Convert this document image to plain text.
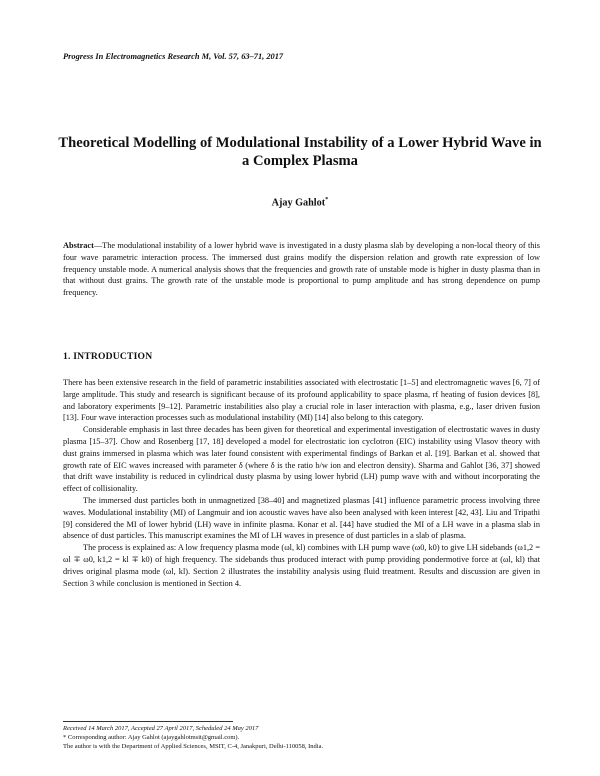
Progress In Electromagnetics Research M, Vol. 57, 63–71, 2017
Theoretical Modelling of Modulational Instability of a Lower Hybrid Wave in a Complex Plasma
Ajay Gahlot*
Abstract—The modulational instability of a lower hybrid wave is investigated in a dusty plasma slab by developing a non-local theory of this four wave parametric interaction process. The immersed dust grains modify the dispersion relation and growth rate expression of low frequency unstable mode. A numerical analysis shows that the frequencies and growth rate of unstable mode is higher in dusty plasma than in that without dust grains. The growth rate of the unstable mode is proportional to pump amplitude and has strong dependence on pump frequency.
1. INTRODUCTION

There has been extensive research in the field of parametric instabilities associated with electrostatic [1–5] and electromagnetic waves [6, 7] of large amplitude. This study and research is significant because of its profound applicability to space plasma, rf heating of fusion devices [8], and laboratory experiments [9–12]. Parametric instabilities also play a crucial role in laser interaction with plasma, e.g., laser driven fusion [13]. Four wave interaction processes such as modulational instability (MI) [14] also belong to this category.

Considerable emphasis in last three decades has been given for theoretical and experimental investigation of electrostatic waves in dusty plasma [15–37]. Chow and Rosenberg [17, 18] developed a model for electrostatic ion cyclotron (EIC) instability using Vlasov theory with dust grains immersed in plasma which was later found consistent with experimental findings of Barkan et al. [19]. Barkan et al. showed that growth rate of EIC waves increased with parameter δ (where δ is the ratio b/w ion and electron density). Sharma and Gahlot [36, 37] showed that drift wave instability is reduced in cylindrical dusty plasma by using lower hybrid (LH) pump wave with and without incorporating the effect of collisionality.

The immersed dust particles both in unmagnetized [38–40] and magnetized plasmas [41] influence parametric process involving three waves. Modulational instability (MI) of Langmuir and ion acoustic waves have also been analysed with keen interest [42, 43]. Liu and Tripathi [9] considered the MI of lower hybrid (LH) wave in infinite plasma. Konar et al. [44] have studied the MI of a LH wave in a plasma slab in absence of dust particles. This manuscript examines the MI of LH waves in presence of dust particles in a slab of plasma.

The process is explained as: A low frequency plasma mode (ωl, kl) combines with LH pump wave (ω0, k0) to give LH sidebands (ω1,2 = ωl ∓ ω0, k1,2 = kl ∓ k0) of high frequency. The sidebands thus produced interact with pump providing pondermotive force at (ωl, kl) that drives original plasma mode (ωl, kl). Section 2 illustrates the instability analysis using fluid treatment. Results and discussion are given in Section 3 while conclusion is mentioned in Section 4.

Received 14 March 2017, Accepted 27 April 2017, Scheduled 24 May 2017
* Corresponding author: Ajay Gahlot (ajaygahlotmsit@gmail.com).
The author is with the Department of Applied Sciences, MSIT, C-4, Janakpuri, Delhi-110058, India.
